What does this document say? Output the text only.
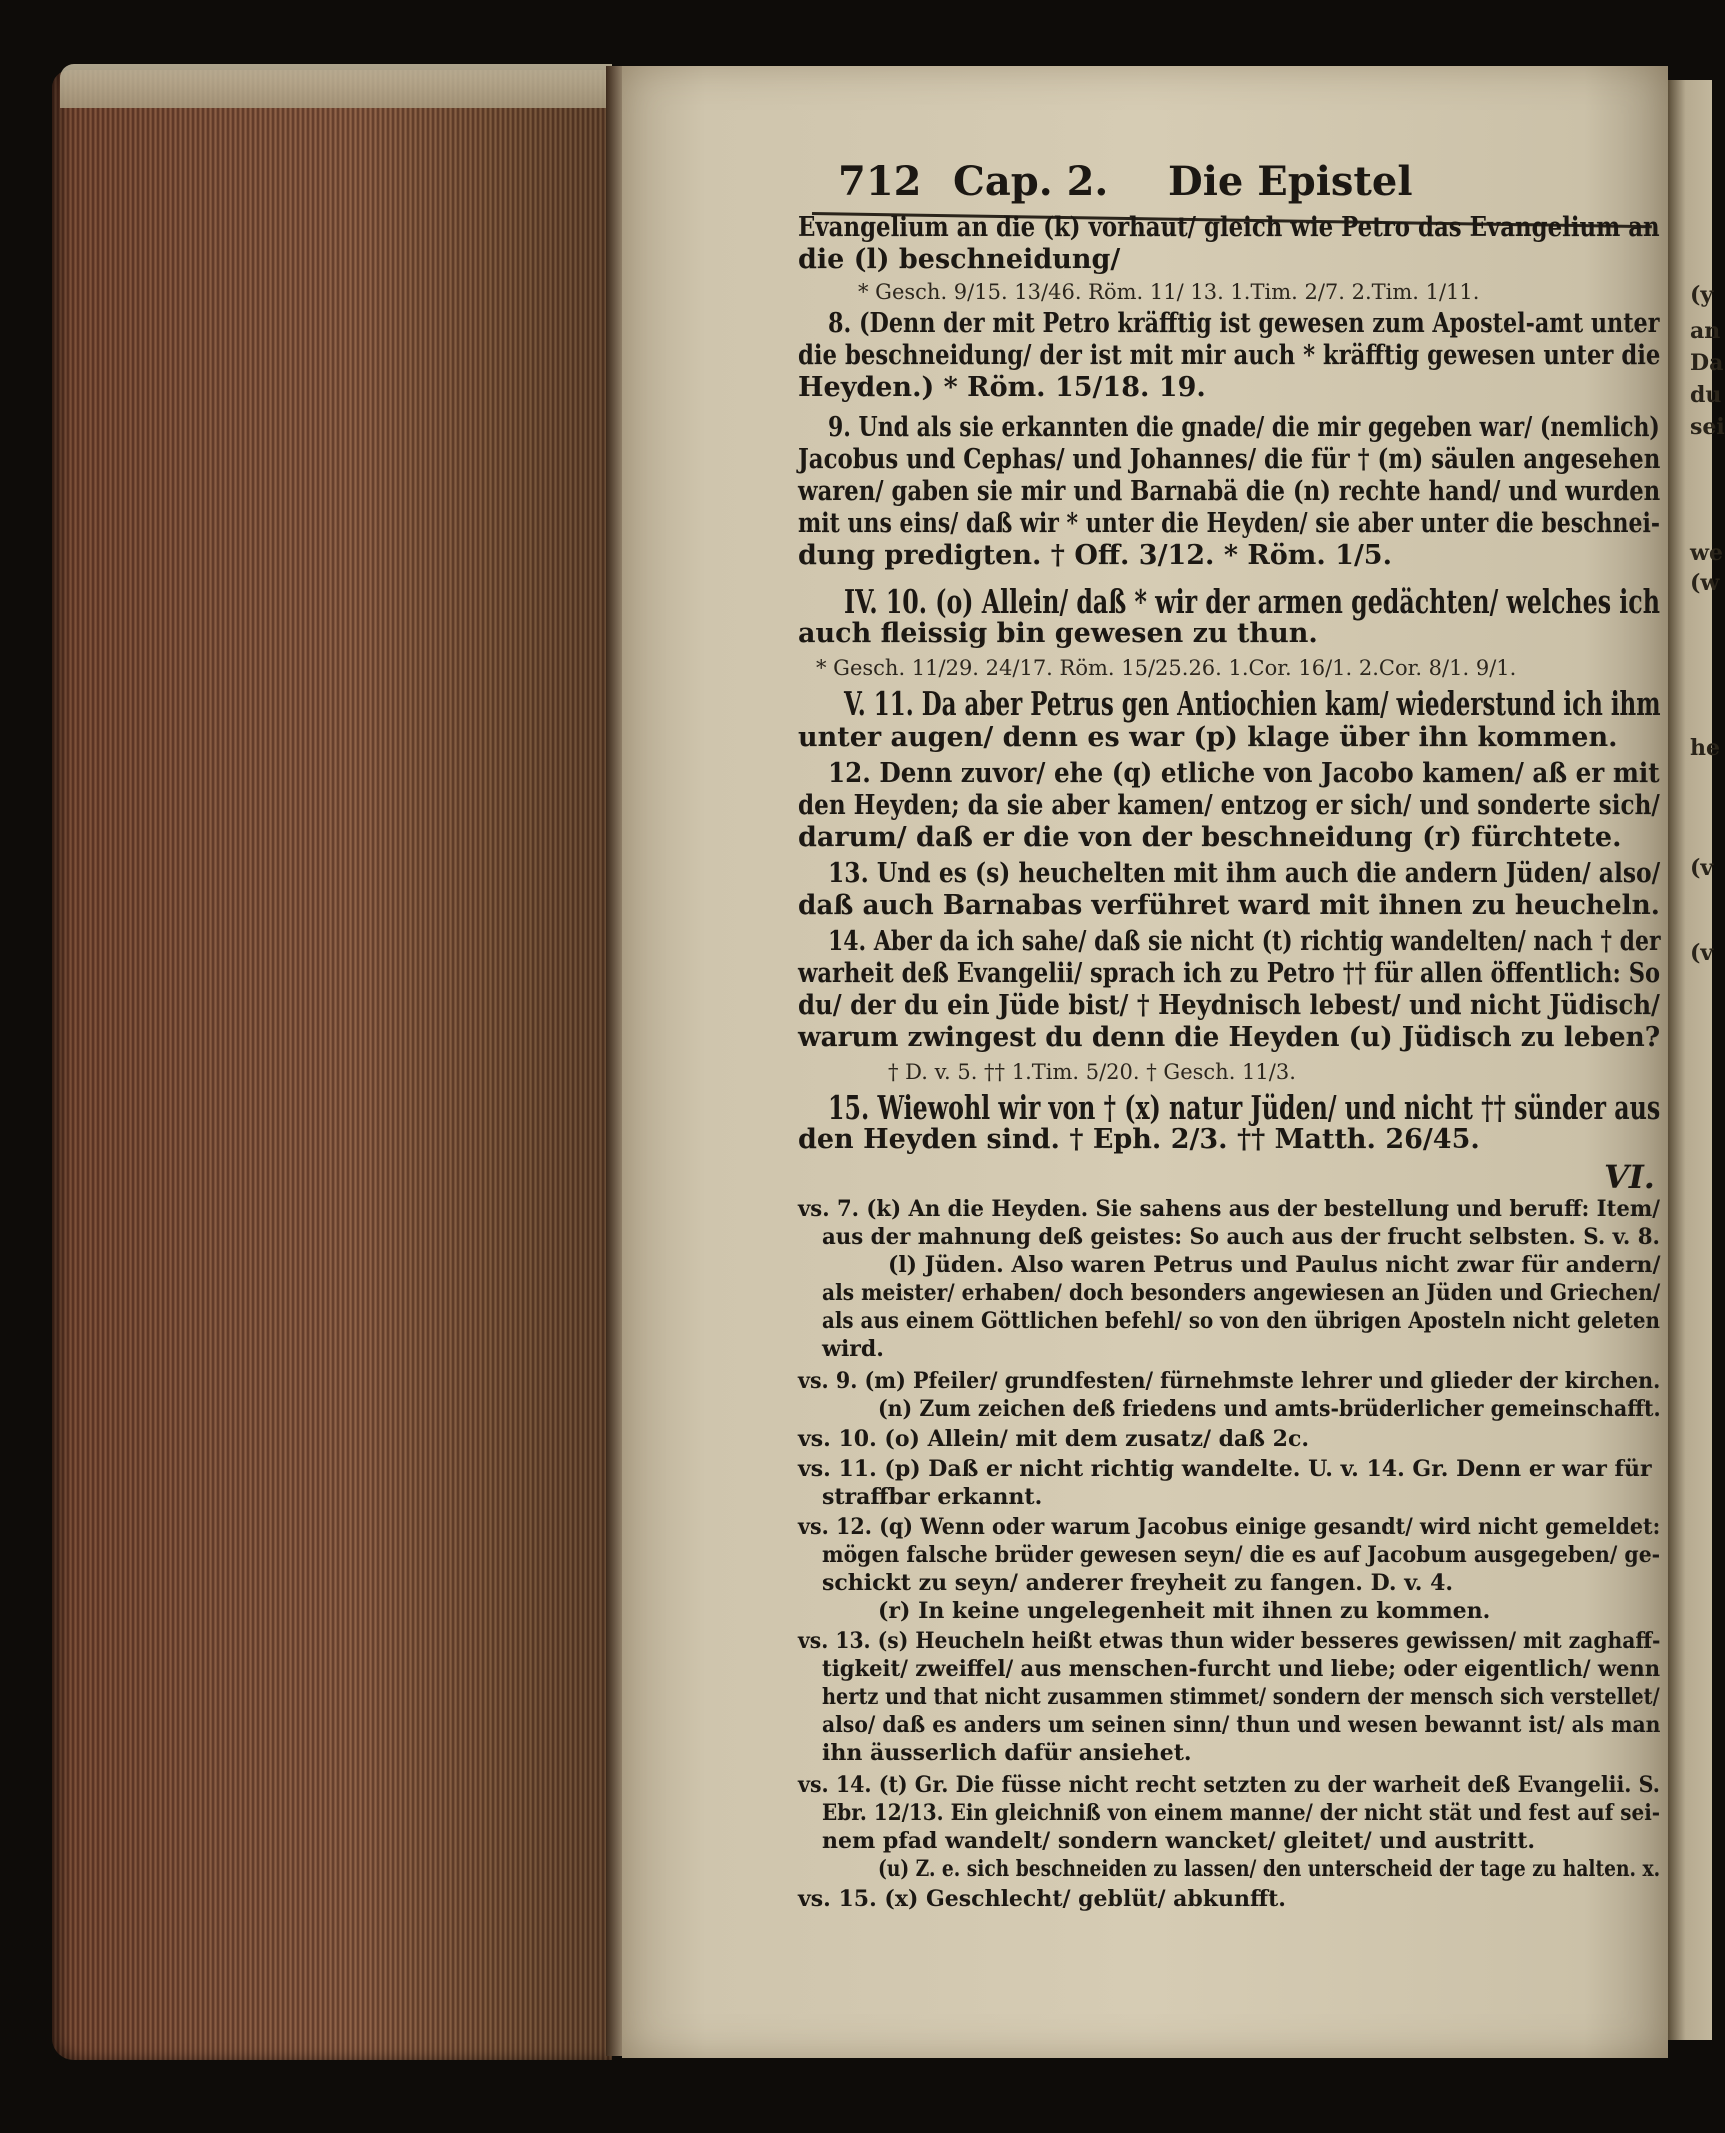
(y
an
Da
du
sei
we
(w
he
(v
(v
712 Cap. 2. Die Epistel
Evangelium an die (k) vorhaut/ gleich wie Petro das Evangelium an
die (l) beschneidung/
* Gesch. 9/15. 13/46. Röm. 11/ 13. 1.Tim. 2/7. 2.Tim. 1/11.
8. (Denn der mit Petro kräfftig ist gewesen zum Apostel-amt unter
die beschneidung/ der ist mit mir auch * kräfftig gewesen unter die
Heyden.) * Röm. 15/18. 19.
9. Und als sie erkannten die gnade/ die mir gegeben war/ (nemlich)
Jacobus und Cephas/ und Johannes/ die für † (m) säulen angesehen
waren/ gaben sie mir und Barnabä die (n) rechte hand/ und wurden
mit uns eins/ daß wir * unter die Heyden/ sie aber unter die beschnei-
dung predigten. † Off. 3/12. * Röm. 1/5.
IV. 10. (o) Allein/ daß * wir der armen gedächten/ welches ich
auch fleissig bin gewesen zu thun.
* Gesch. 11/29. 24/17. Röm. 15/25.26. 1.Cor. 16/1. 2.Cor. 8/1. 9/1.
V. 11. Da aber Petrus gen Antiochien kam/ wiederstund ich ihm
unter augen/ denn es war (p) klage über ihn kommen.
12. Denn zuvor/ ehe (q) etliche von Jacobo kamen/ aß er mit
den Heyden; da sie aber kamen/ entzog er sich/ und sonderte sich/
darum/ daß er die von der beschneidung (r) fürchtete.
13. Und es (s) heuchelten mit ihm auch die andern Jüden/ also/
daß auch Barnabas verführet ward mit ihnen zu heucheln.
14. Aber da ich sahe/ daß sie nicht (t) richtig wandelten/ nach † der
warheit deß Evangelii/ sprach ich zu Petro †† für allen öffentlich: So
du/ der du ein Jüde bist/ † Heydnisch lebest/ und nicht Jüdisch/
warum zwingest du denn die Heyden (u) Jüdisch zu leben?
† D. v. 5. †† 1.Tim. 5/20. † Gesch. 11/3.
15. Wiewohl wir von † (x) natur Jüden/ und nicht †† sünder aus
den Heyden sind. † Eph. 2/3. †† Matth. 26/45.
VI.
vs. 7. (k) An die Heyden. Sie sahens aus der bestellung und beruff: Item/
aus der mahnung deß geistes: So auch aus der frucht selbsten. S. v. 8.
(l) Jüden. Also waren Petrus und Paulus nicht zwar für andern/
als meister/ erhaben/ doch besonders angewiesen an Jüden und Griechen/
als aus einem Göttlichen befehl/ so von den übrigen Aposteln nicht geleten
wird.
vs. 9. (m) Pfeiler/ grundfesten/ fürnehmste lehrer und glieder der kirchen.
(n) Zum zeichen deß friedens und amts-brüderlicher gemeinschafft.
vs. 10. (o) Allein/ mit dem zusatz/ daß 2c.
vs. 11. (p) Daß er nicht richtig wandelte. U. v. 14. Gr. Denn er war für
straffbar erkannt.
vs. 12. (q) Wenn oder warum Jacobus einige gesandt/ wird nicht gemeldet:
mögen falsche brüder gewesen seyn/ die es auf Jacobum ausgegeben/ ge-
schickt zu seyn/ anderer freyheit zu fangen. D. v. 4.
(r) In keine ungelegenheit mit ihnen zu kommen.
vs. 13. (s) Heucheln heißt etwas thun wider besseres gewissen/ mit zaghaff-
tigkeit/ zweiffel/ aus menschen-furcht und liebe; oder eigentlich/ wenn
hertz und that nicht zusammen stimmet/ sondern der mensch sich verstellet/
also/ daß es anders um seinen sinn/ thun und wesen bewannt ist/ als man
ihn äusserlich dafür ansiehet.
vs. 14. (t) Gr. Die füsse nicht recht setzten zu der warheit deß Evangelii. S.
Ebr. 12/13. Ein gleichniß von einem manne/ der nicht stät und fest auf sei-
nem pfad wandelt/ sondern wancket/ gleitet/ und austritt.
(u) Z. e. sich beschneiden zu lassen/ den unterscheid der tage zu halten. x.
vs. 15. (x) Geschlecht/ geblüt/ abkunfft.
